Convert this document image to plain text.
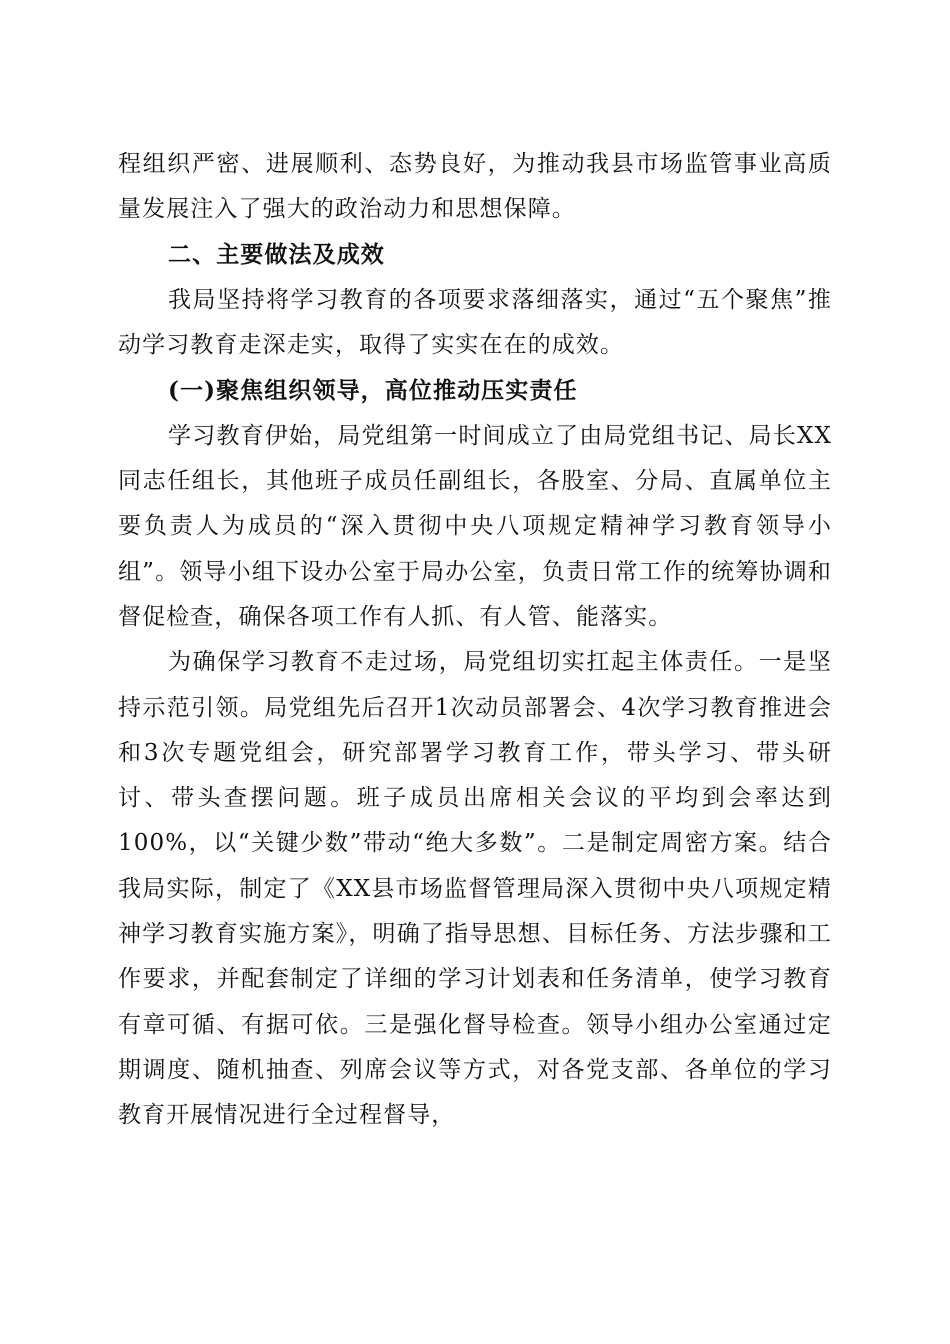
程组织严密、进展顺利、态势良好，为推动我县市场监管事业高质量发展注入了强大的政治动力和思想保障。

二、主要做法及成效

我局坚持将学习教育的各项要求落细落实，通过“五个聚焦”推动学习教育走深走实，取得了实实在在的成效。

(一)聚焦组织领导，高位推动压实责任

学习教育伊始，局党组第一时间成立了由局党组书记、局长XX同志任组长，其他班子成员任副组长，各股室、分局、直属单位主要负责人为成员的“深入贯彻中央八项规定精神学习教育领导小组”。领导小组下设办公室于局办公室，负责日常工作的统筹协调和督促检查，确保各项工作有人抓、有人管、能落实。

为确保学习教育不走过场，局党组切实扛起主体责任。一是坚持示范引领。局党组先后召开1次动员部署会、4次学习教育推进会和3次专题党组会，研究部署学习教育工作，带头学习、带头研讨、带头查摆问题。班子成员出席相关会议的平均到会率达到100%，以“关键少数”带动“绝大多数”。二是制定周密方案。结合我局实际，制定了《XX县市场监督管理局深入贯彻中央八项规定精神学习教育实施方案》，明确了指导思想、目标任务、方法步骤和工作要求，并配套制定了详细的学习计划表和任务清单，使学习教育有章可循、有据可依。三是强化督导检查。领导小组办公室通过定期调度、随机抽查、列席会议等方式，对各党支部、各单位的学习教育开展情况进行全过程督导，
